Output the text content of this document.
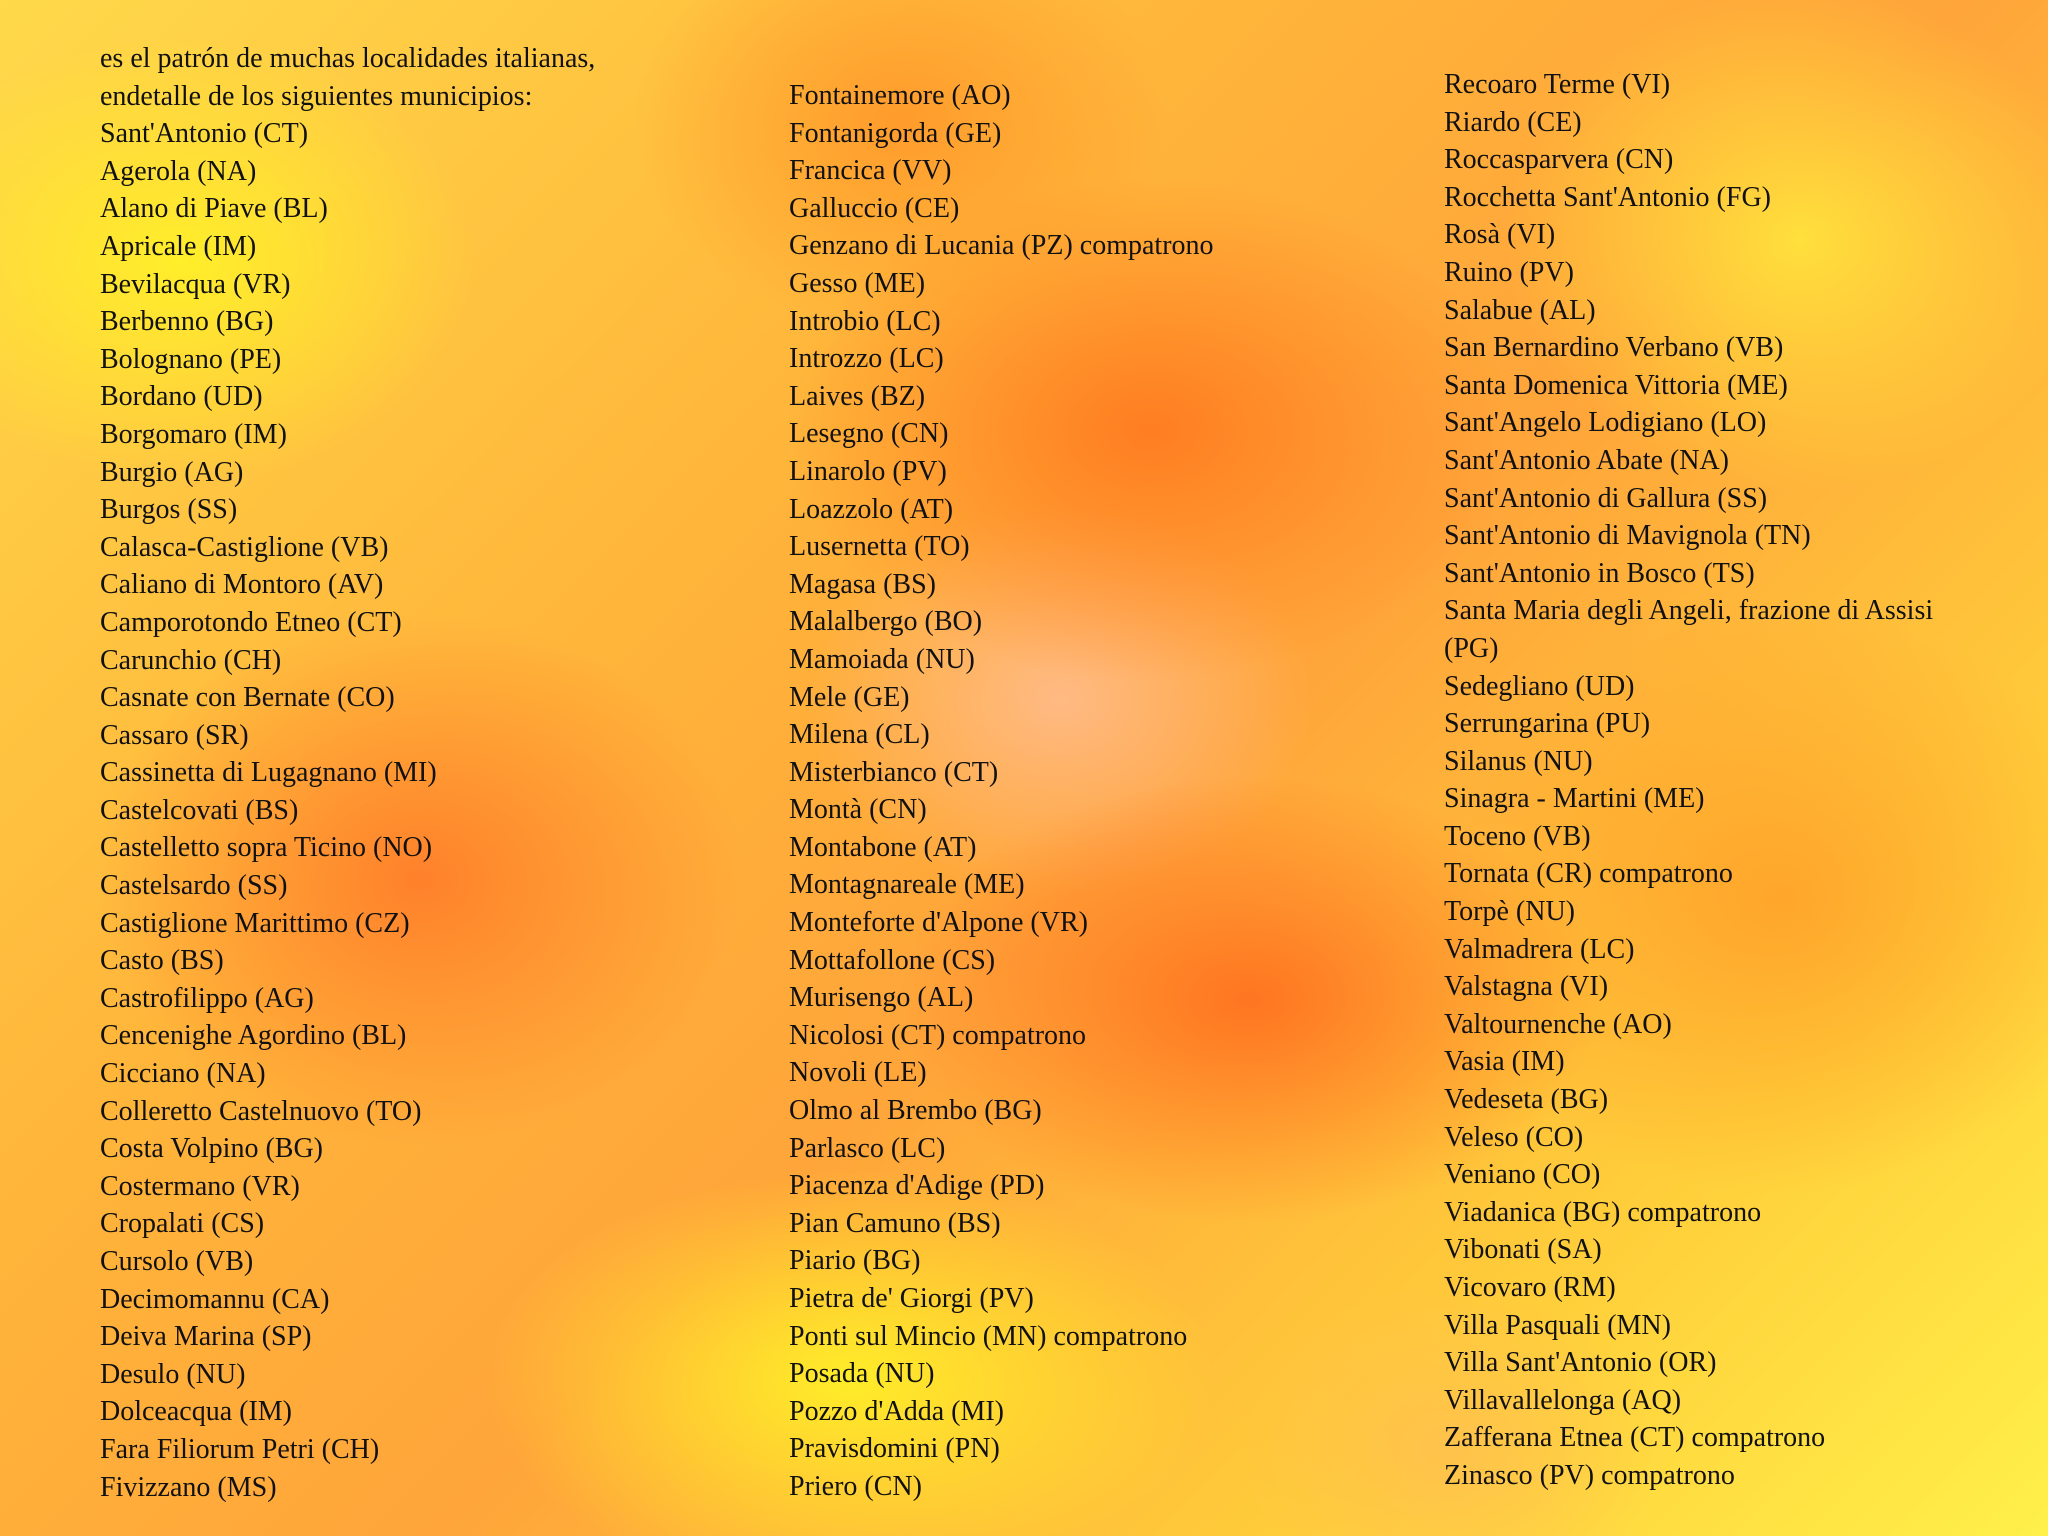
es el patrón de muchas localidades italianas,
endetalle de los siguientes municipios:
Sant'Antonio (CT)
Agerola (NA)
Alano di Piave (BL)
Apricale (IM)
Bevilacqua (VR)
Berbenno (BG)
Bolognano (PE)
Bordano (UD)
Borgomaro (IM)
Burgio (AG)
Burgos (SS)
Calasca-Castiglione (VB)
Caliano di Montoro (AV)
Camporotondo Etneo (CT)
Carunchio (CH)
Casnate con Bernate (CO)
Cassaro (SR)
Cassinetta di Lugagnano (MI)
Castelcovati (BS)
Castelletto sopra Ticino (NO)
Castelsardo (SS)
Castiglione Marittimo (CZ)
Casto (BS)
Castrofilippo (AG)
Cencenighe Agordino (BL)
Cicciano (NA)
Colleretto Castelnuovo (TO)
Costa Volpino (BG)
Costermano (VR)
Cropalati (CS)
Cursolo (VB)
Decimomannu (CA)
Deiva Marina (SP)
Desulo (NU)
Dolceacqua (IM)
Fara Filiorum Petri (CH)
Fivizzano (MS)
Fontainemore (AO)
Fontanigorda (GE)
Francica (VV)
Galluccio (CE)
Genzano di Lucania (PZ) compatrono
Gesso (ME)
Introbio (LC)
Introzzo (LC)
Laives (BZ)
Lesegno (CN)
Linarolo (PV)
Loazzolo (AT)
Lusernetta (TO)
Magasa (BS)
Malalbergo (BO)
Mamoiada (NU)
Mele (GE)
Milena (CL)
Misterbianco (CT)
Montà (CN)
Montabone (AT)
Montagnareale (ME)
Monteforte d'Alpone (VR)
Mottafollone (CS)
Murisengo (AL)
Nicolosi (CT) compatrono
Novoli (LE)
Olmo al Brembo (BG)
Parlasco (LC)
Piacenza d'Adige (PD)
Pian Camuno (BS)
Piario (BG)
Pietra de' Giorgi (PV)
Ponti sul Mincio (MN) compatrono
Posada (NU)
Pozzo d'Adda (MI)
Pravisdomini (PN)
Priero (CN)
Recoaro Terme (VI)
Riardo (CE)
Roccasparvera (CN)
Rocchetta Sant'Antonio (FG)
Rosà (VI)
Ruino (PV)
Salabue (AL)
San Bernardino Verbano (VB)
Santa Domenica Vittoria (ME)
Sant'Angelo Lodigiano (LO)
Sant'Antonio Abate (NA)
Sant'Antonio di Gallura (SS)
Sant'Antonio di Mavignola (TN)
Sant'Antonio in Bosco (TS)
Santa Maria degli Angeli, frazione di Assisi
(PG)
Sedegliano (UD)
Serrungarina (PU)
Silanus (NU)
Sinagra - Martini (ME)
Toceno (VB)
Tornata (CR) compatrono
Torpè (NU)
Valmadrera (LC)
Valstagna (VI)
Valtournenche (AO)
Vasia (IM)
Vedeseta (BG)
Veleso (CO)
Veniano (CO)
Viadanica (BG) compatrono
Vibonati (SA)
Vicovaro (RM)
Villa Pasquali (MN)
Villa Sant'Antonio (OR)
Villavallelonga (AQ)
Zafferana Etnea (CT) compatrono
Zinasco (PV) compatrono
